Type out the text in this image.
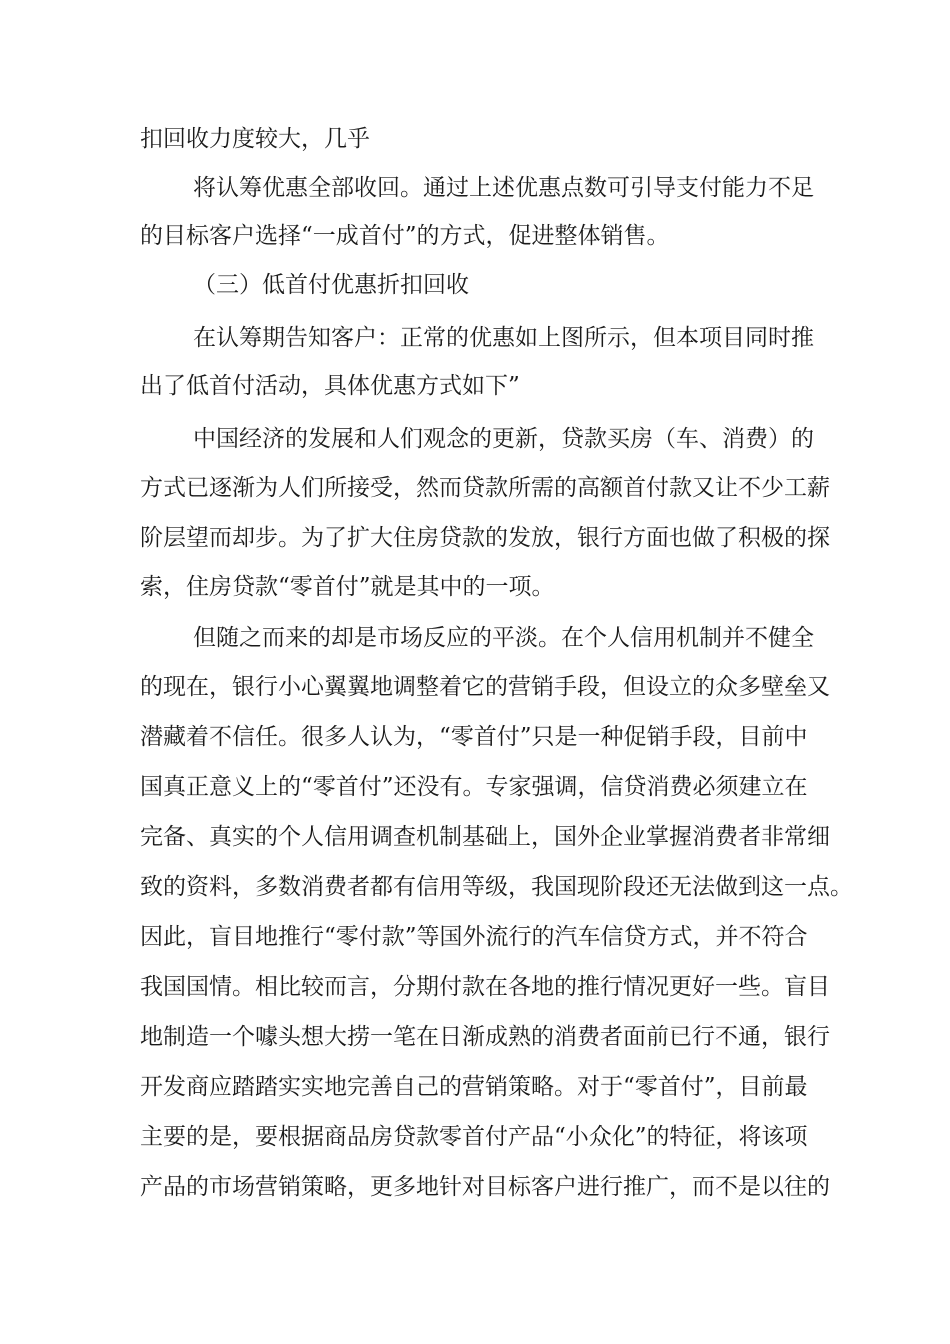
扣回收力度较大，几乎

将认筹优惠全部收回。通过上述优惠点数可引导支付能力不足

的目标客户选择“一成首付”的方式，促进整体销售。

（三）低首付优惠折扣回收

在认筹期告知客户：正常的优惠如上图所示，但本项目同时推

出了低首付活动，具体优惠方式如下”

中国经济的发展和人们观念的更新，贷款买房（车、消费）的

方式已逐渐为人们所接受，然而贷款所需的高额首付款又让不少工薪

阶层望而却步。为了扩大住房贷款的发放，银行方面也做了积极的探

索，住房贷款“零首付”就是其中的一项。

但随之而来的却是市场反应的平淡。在个人信用机制并不健全

的现在，银行小心翼翼地调整着它的营销手段，但设立的众多壁垒又

潜藏着不信任。很多人认为，“零首付”只是一种促销手段，目前中

国真正意义上的“零首付”还没有。专家强调，信贷消费必须建立在

完备、真实的个人信用调查机制基础上，国外企业掌握消费者非常细

致的资料，多数消费者都有信用等级，我国现阶段还无法做到这一点。

因此，盲目地推行“零付款”等国外流行的汽车信贷方式，并不符合

我国国情。相比较而言，分期付款在各地的推行情况更好一些。盲目

地制造一个噱头想大捞一笔在日渐成熟的消费者面前已行不通，银行

开发商应踏踏实实地完善自己的营销策略。对于“零首付”，目前最

主要的是，要根据商品房贷款零首付产品“小众化”的特征，将该项

产品的市场营销策略，更多地针对目标客户进行推广，而不是以往的
